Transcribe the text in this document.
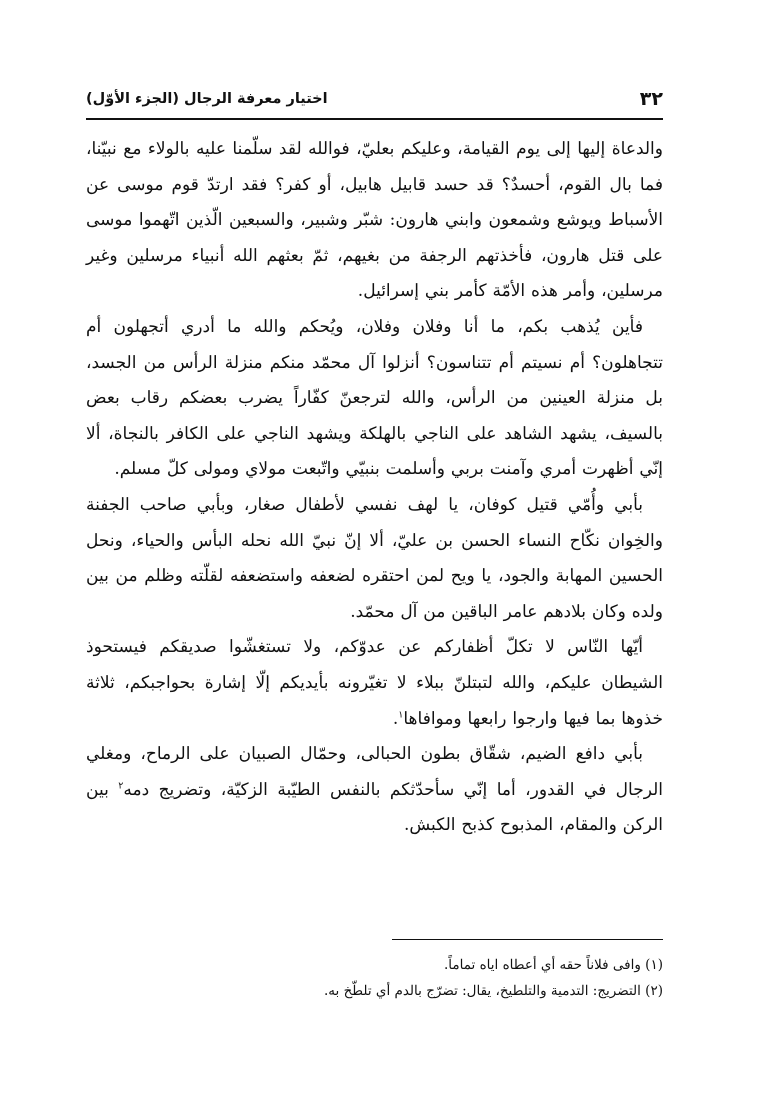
٣٢
اختيار معرفة الرجال (الجزء الأوّل)

والدعاة إليها إلى يوم القيامة، وعليكم بعليّ، فوالله لقد سلّمنا عليه بالولاء مع نبيّنا، فما بال القوم، أحسدٌ؟ قد حسد قابيل هابيل، أو كفر؟ فقد ارتدّ قوم موسى عن الأسباط ويوشع وشمعون وابني هارون: شبّر وشبير، والسبعين الّذين اتّهموا موسى على قتل هارون، فأخذتهم الرجفة من بغيهم، ثمّ بعثهم الله أنبياء مرسلين وغير مرسلين، وأمر هذه الأمّة كأمر بني إسرائيل.

فأين يُذهب بكم، ما أنا وفلان وفلان، ويُحكم والله ما أدري أتجهلون أم تتجاهلون؟ أم نسيتم أم تتناسون؟ أنزلوا آل محمّد منكم منزلة الرأس من الجسد، بل منزلة العينين من الرأس، والله لترجعنّ كفّاراً يضرب بعضكم رقاب بعض بالسيف، يشهد الشاهد على الناجي بالهلكة ويشهد الناجي على الكافر بالنجاة، ألا إنّي أظهرت أمري وآمنت بربي وأسلمت بنبيّي واتّبعت مولاي ومولى كلّ مسلم.

بأبي وأُمّي قتيل كوفان، يا لهف نفسي لأطفال صغار، وبأبي صاحب الجفنة والخِوان نكّاح النساء الحسن بن عليّ، ألا إنّ نبيّ الله نحله البأس والحياء، ونحل الحسين المهابة والجود، يا ويح لمن احتقره لضعفه واستضعفه لقلّته وظلم من بين ولده وكان بلادهم عامر الباقين من آل محمّد.

أيّها النّاس لا تكلّ أظفاركم عن عدوّكم، ولا تستغشّوا صديقكم فيستحوذ الشيطان عليكم، والله لتبتلنّ ببلاء لا تغيّرونه بأيديكم إلّا إشارة بحواجبكم، ثلاثة خذوها بما فيها وارجوا رابعها وموافاها$^١$.

بأبي دافع الضيم، شقّاق بطون الحبالى، وحمّال الصبيان على الرماح، ومغلي الرجال في القدور، أما إنّي سأحدّثكم بالنفس الطيّبة الزكيّة، وتضريج دمه$^٢$ بين الركن والمقام، المذبوح كذبح الكبش.

(١) وافى فلاناً حقه أي أعطاه اياه تماماً.

(٢) التضريج: التدمية والتلطيخ، يقال: تضرّج بالدم أي تلطّخ به.
